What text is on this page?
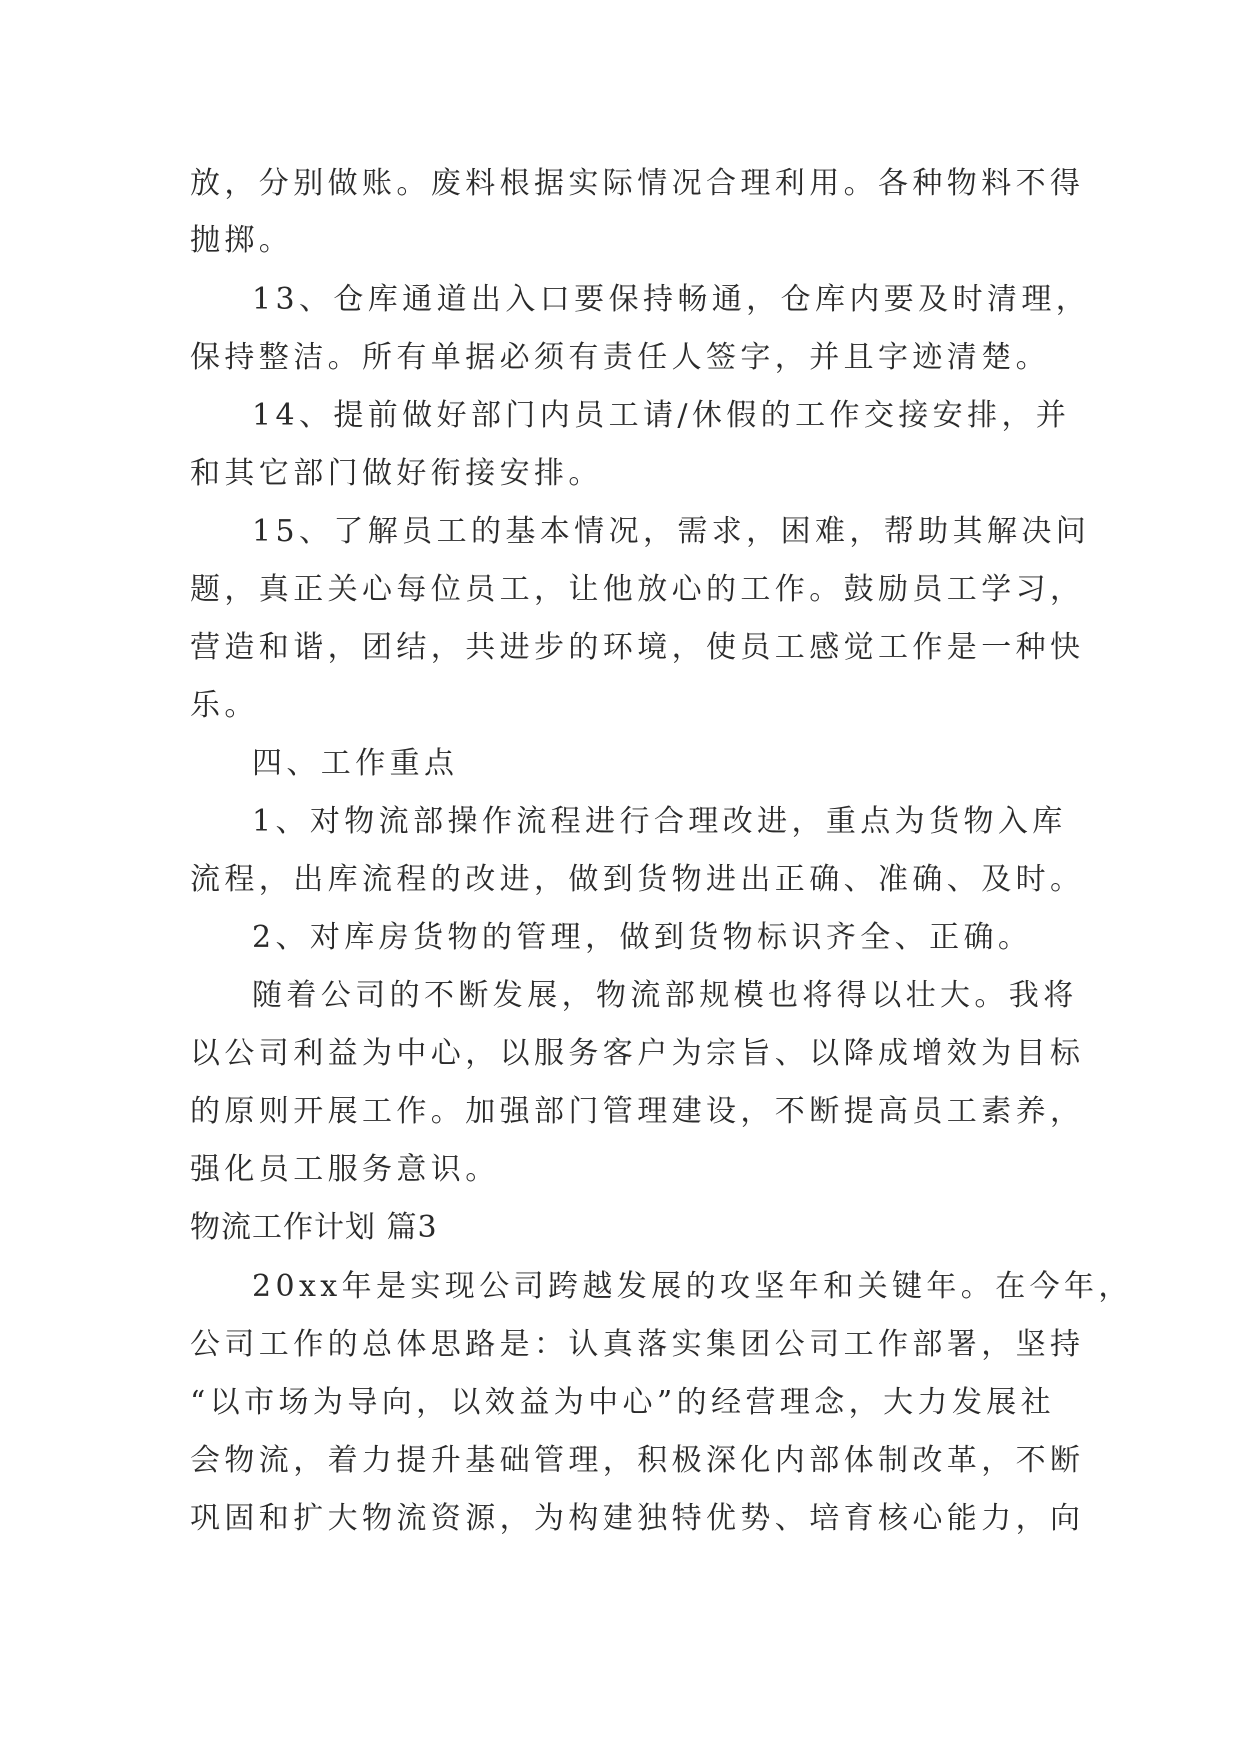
放，分别做账。废料根据实际情况合理利用。各种物料不得

抛掷。

13、仓库通道出入口要保持畅通，仓库内要及时清理，

保持整洁。所有单据必须有责任人签字，并且字迹清楚。

14、提前做好部门内员工请/休假的工作交接安排，并

和其它部门做好衔接安排。

15、了解员工的基本情况，需求，困难，帮助其解决问

题，真正关心每位员工，让他放心的工作。鼓励员工学习，

营造和谐，团结，共进步的环境，使员工感觉工作是一种快

乐。

四、工作重点

1、对物流部操作流程进行合理改进，重点为货物入库

流程，出库流程的改进，做到货物进出正确、准确、及时。

2、对库房货物的管理，做到货物标识齐全、正确。

随着公司的不断发展，物流部规模也将得以壮大。我将

以公司利益为中心，以服务客户为宗旨、以降成增效为目标

的原则开展工作。加强部门管理建设，不断提高员工素养，

强化员工服务意识。

物流工作计划 篇3

20xx年是实现公司跨越发展的攻坚年和关键年。在今年，

公司工作的总体思路是：认真落实集团公司工作部署，坚持

“以市场为导向，以效益为中心”的经营理念，大力发展社

会物流，着力提升基础管理，积极深化内部体制改革，不断

巩固和扩大物流资源，为构建独特优势、培育核心能力，向
